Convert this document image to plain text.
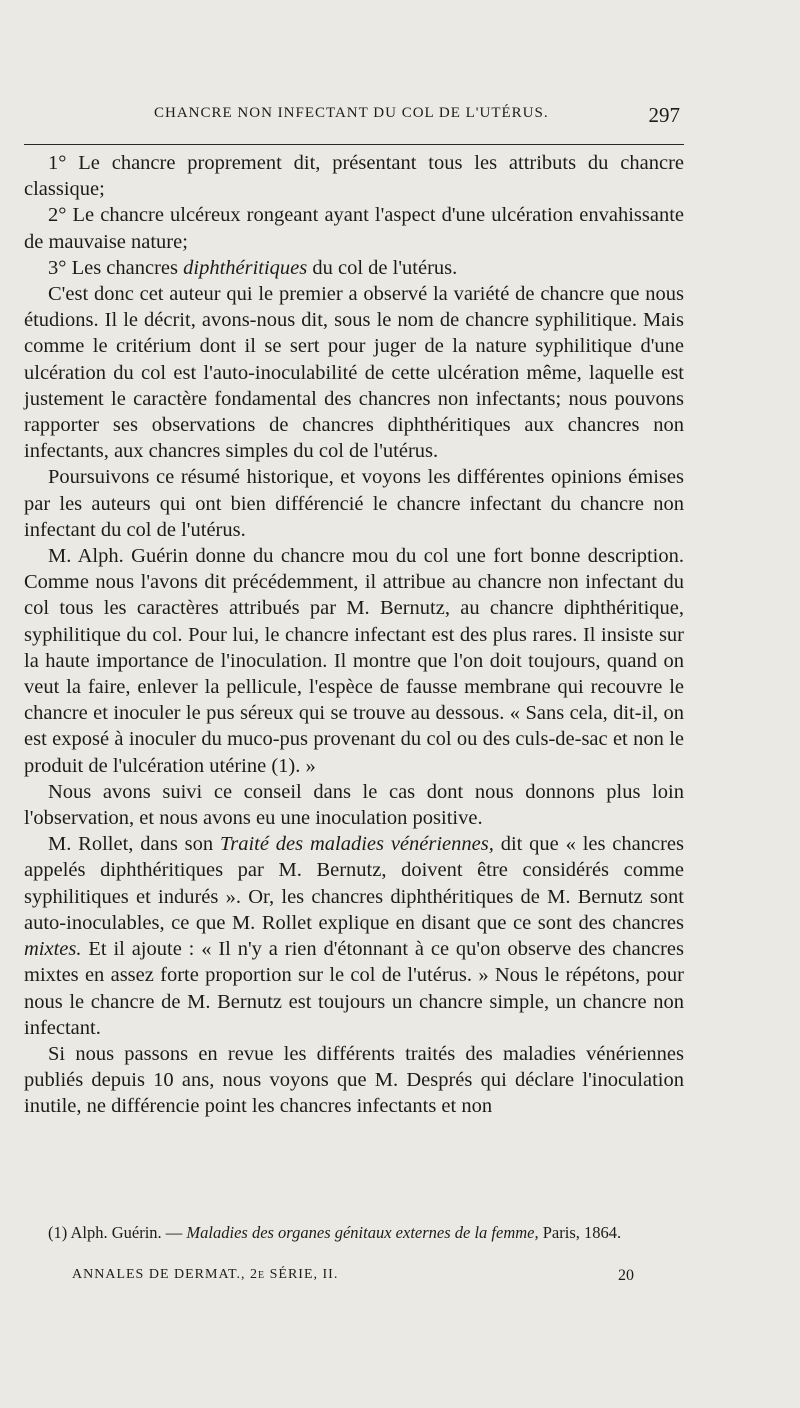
CHANCRE NON INFECTANT DU COL DE L'UTÉRUS.	297

1° Le chancre proprement dit, présentant tous les attributs du chancre classique;

2° Le chancre ulcéreux rongeant ayant l'aspect d'une ulcération envahissante de mauvaise nature;

3° Les chancres diphthéritiques du col de l'utérus.

C'est donc cet auteur qui le premier a observé la variété de chancre que nous étudions. Il le décrit, avons-nous dit, sous le nom de chancre syphilitique. Mais comme le critérium dont il se sert pour juger de la nature syphilitique d'une ulcération du col est l'auto-inoculabilité de cette ulcération même, laquelle est justement le caractère fondamental des chancres non infectants; nous pouvons rapporter ses observations de chancres diphthéritiques aux chancres non infectants, aux chancres simples du col de l'utérus.

Poursuivons ce résumé historique, et voyons les différentes opinions émises par les auteurs qui ont bien différencié le chancre infectant du chancre non infectant du col de l'utérus.

M. Alph. Guérin donne du chancre mou du col une fort bonne description. Comme nous l'avons dit précédemment, il attribue au chancre non infectant du col tous les caractères attribués par M. Bernutz, au chancre diphthéritique, syphilitique du col. Pour lui, le chancre infectant est des plus rares. Il insiste sur la haute importance de l'inoculation. Il montre que l'on doit toujours, quand on veut la faire, enlever la pellicule, l'espèce de fausse membrane qui recouvre le chancre et inoculer le pus séreux qui se trouve au dessous. « Sans cela, dit-il, on est exposé à inoculer du muco-pus provenant du col ou des culs-de-sac et non le produit de l'ulcération utérine (1). »

Nous avons suivi ce conseil dans le cas dont nous donnons plus loin l'observation, et nous avons eu une inoculation positive.

M. Rollet, dans son Traité des maladies vénériennes, dit que « les chancres appelés diphthéritiques par M. Bernutz, doivent être considérés comme syphilitiques et indurés ». Or, les chancres diphthéritiques de M. Bernutz sont auto-inoculables, ce que M. Rollet explique en disant que ce sont des chancres mixtes. Et il ajoute : « Il n'y a rien d'étonnant à ce qu'on observe des chancres mixtes en assez forte proportion sur le col de l'utérus. » Nous le répétons, pour nous le chancre de M. Bernutz est toujours un chancre simple, un chancre non infectant.

Si nous passons en revue les différents traités des maladies vénériennes publiés depuis 10 ans, nous voyons que M. Després qui déclare l'inoculation inutile, ne différencie point les chancres infectants et non

(1) Alph. Guérin. — Maladies des organes génitaux externes de la femme, Paris, 1864.

ANNALES DE DERMAT., 2e SÉRIE, II.	20
